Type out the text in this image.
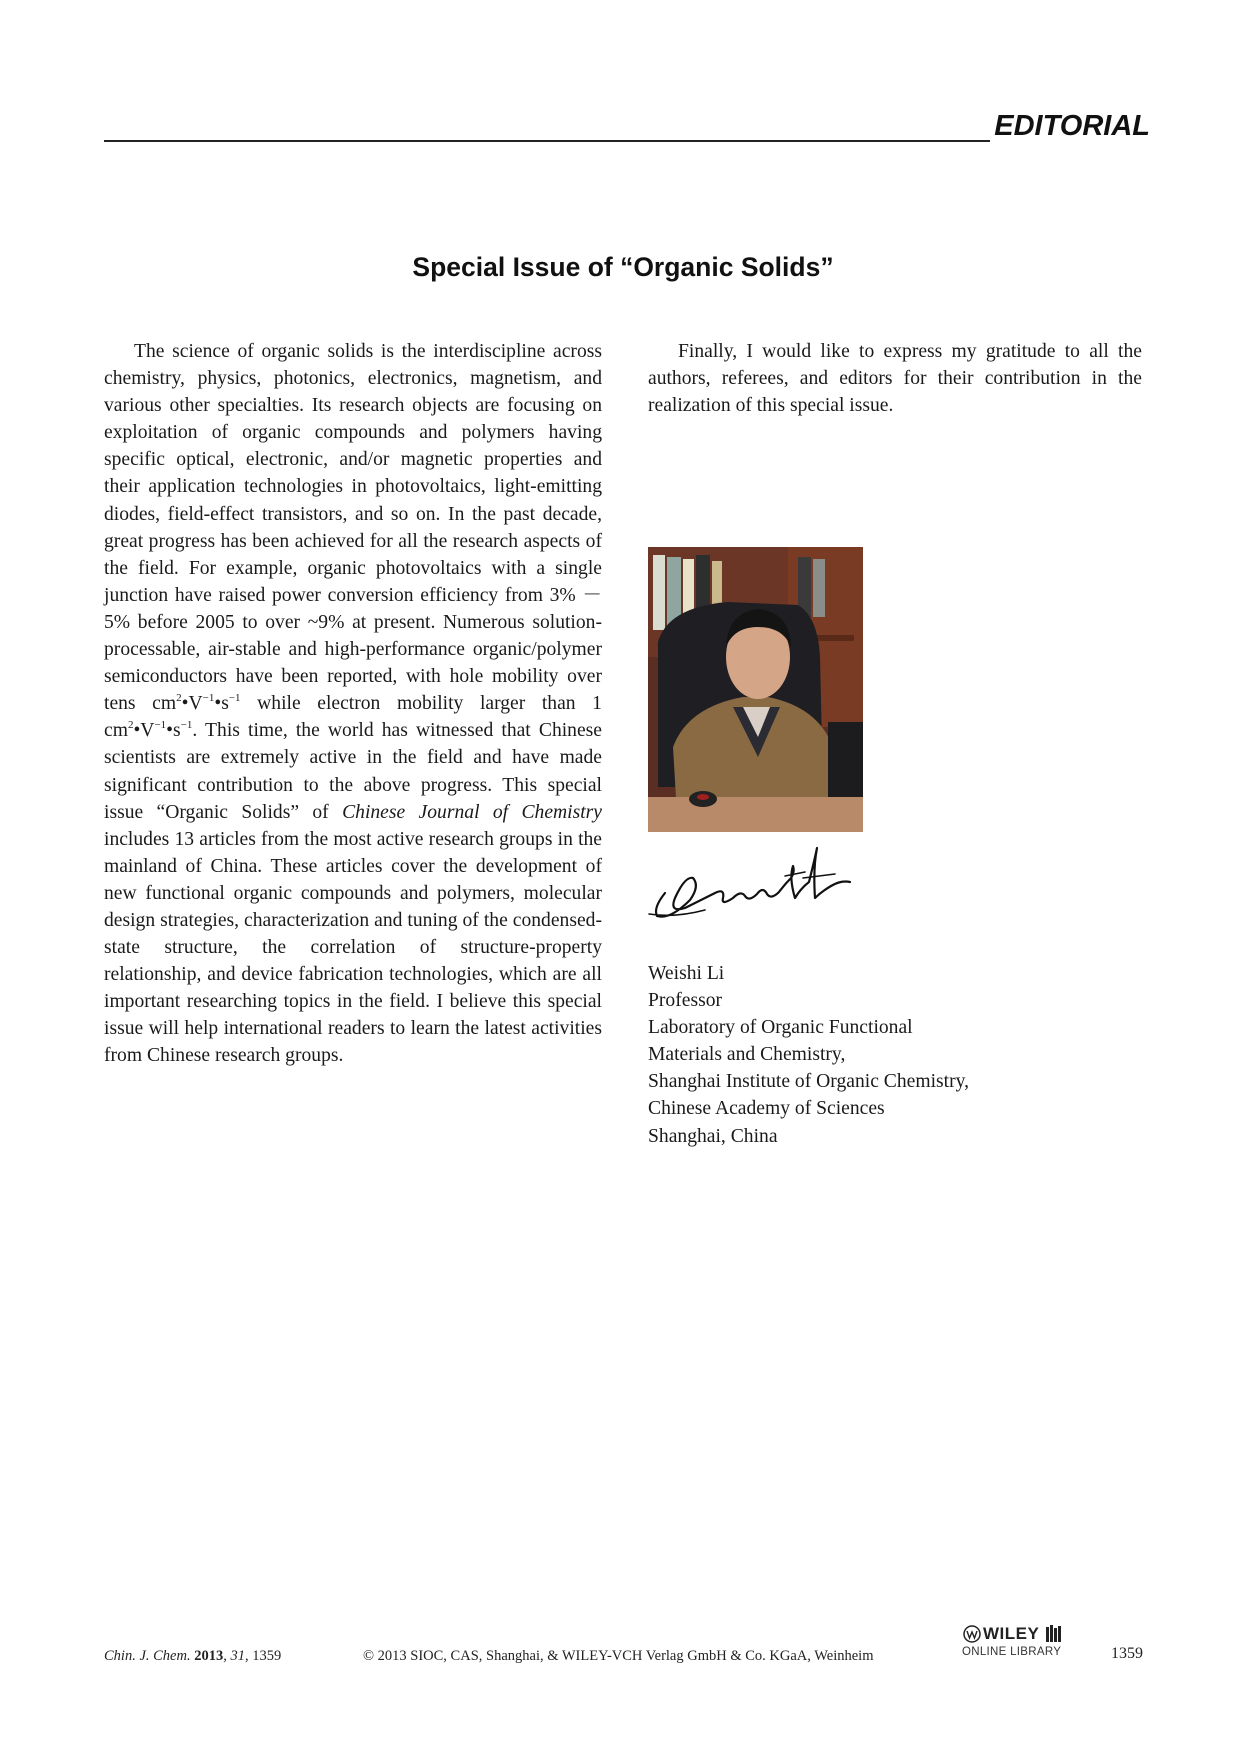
EDITORIAL
Special Issue of “Organic Solids”

The science of organic solids is the interdiscipline across chemistry, physics, photonics, electronics, magnetism, and various other specialties. Its research objects are focusing on exploitation of organic compounds and polymers having specific optical, electronic, and/or magnetic properties and their application technologies in photovoltaics, light-emitting diodes, field-effect transistors, and so on. In the past decade, great progress has been achieved for all the research aspects of the field. For example, organic photovoltaics with a single junction have raised power conversion efficiency from 3% －5% before 2005 to over ~9% at present. Numerous solution-processable, air-stable and high-performance organic/polymer semiconductors have been reported, with hole mobility over tens $cm^2•V^{-1}•s^{-1}$ while electron mobility larger than 1 $cm^2•V^{-1}•s^{-1}$. This time, the world has witnessed that Chinese scientists are extremely active in the field and have made significant contribution to the above progress. This special issue “Organic Solids” of Chinese Journal of Chemistry includes 13 articles from the most active research groups in the mainland of China. These articles cover the development of new functional organic compounds and polymers, molecular design strategies, characterization and tuning of the condensed-state structure, the correlation of structure-property relationship, and device fabrication technologies, which are all important researching topics in the field. I believe this special issue will help international readers to learn the latest activities from Chinese research groups.

Finally, I would like to express my gratitude to all the authors, referees, and editors for their contribution in the realization of this special issue.

Weishi Li
Professor
Laboratory of Organic Functional
Materials and Chemistry,
Shanghai Institute of Organic Chemistry,
Chinese Academy of Sciences
Shanghai, China
Chin. J. Chem. 2013, 31, 1359	© 2013 SIOC, CAS, Shanghai, & WILEY-VCH Verlag GmbH & Co. KGaA, Weinheim
WILEY
ONLINE LIBRARY	1359
